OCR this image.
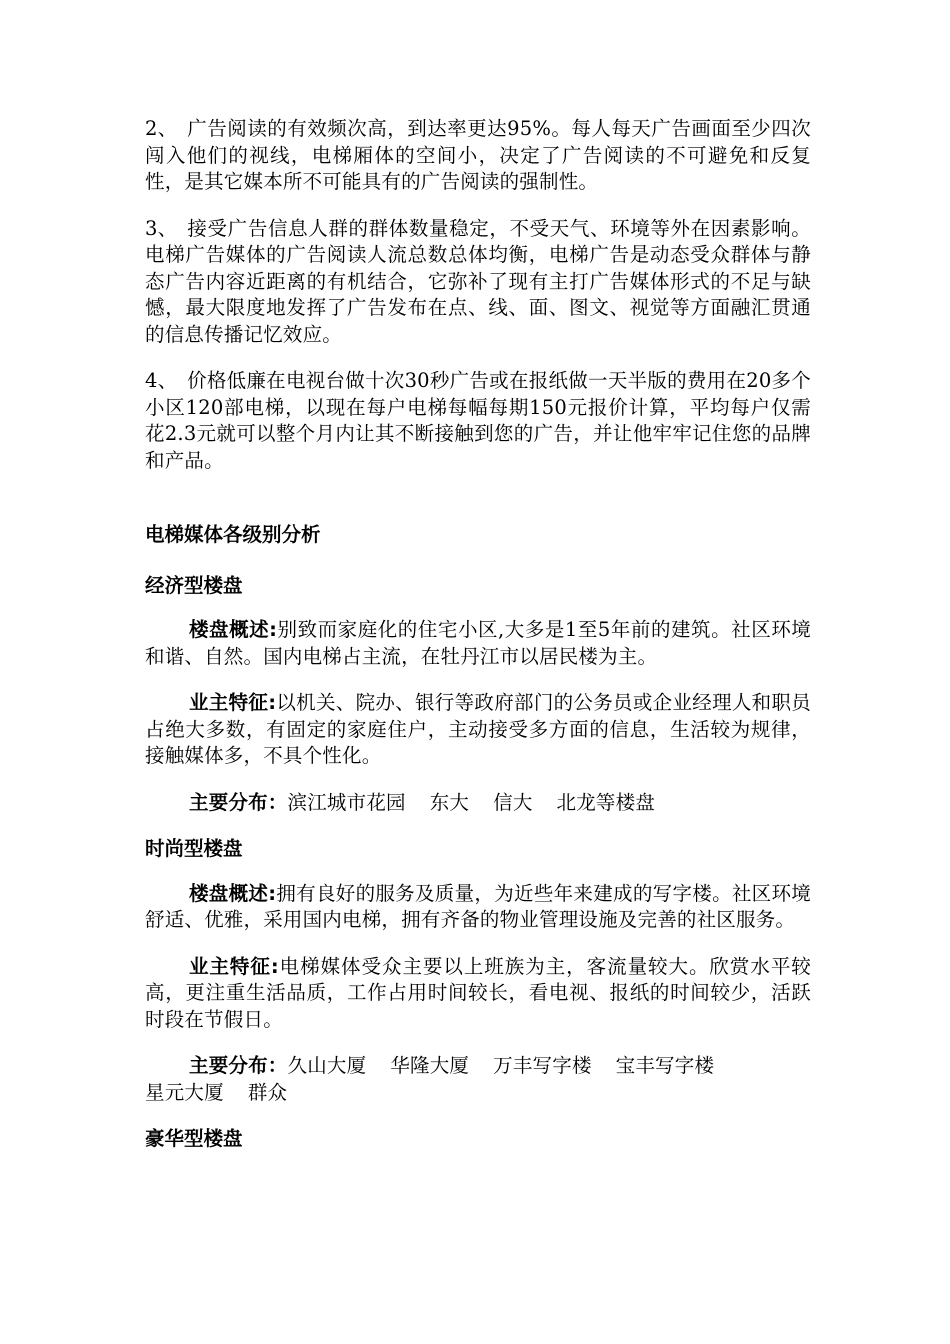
2、 广告阅读的有效频次高，到达率更达95%。每人每天广告画面至少四次闯入他们的视线，电梯厢体的空间小，决定了广告阅读的不可避免和反复性，是其它媒本所不可能具有的广告阅读的强制性。

3、 接受广告信息人群的群体数量稳定，不受天气、环境等外在因素影响。电梯广告媒体的广告阅读人流总数总体均衡，电梯广告是动态受众群体与静态广告内容近距离的有机结合，它弥补了现有主打广告媒体形式的不足与缺憾，最大限度地发挥了广告发布在点、线、面、图文、视觉等方面融汇贯通的信息传播记忆效应。

4、 价格低廉在电视台做十次30秒广告或在报纸做一天半版的费用在20多个小区120部电梯，以现在每户电梯每幅每期150元报价计算，平均每户仅需花2.3元就可以整个月内让其不断接触到您的广告，并让他牢牢记住您的品牌和产品。

电梯媒体各级别分析
经济型楼盘

楼盘概述:别致而家庭化的住宅小区,大多是1至5年前的建筑。社区环境和谐、自然。国内电梯占主流，在牡丹江市以居民楼为主。

业主特征:以机关、院办、银行等政府部门的公务员或企业经理人和职员占绝大多数，有固定的家庭住户，主动接受多方面的信息，生活较为规律，接触媒体多，不具个性化。

主要分布：滨江城市花园 东大 信大 北龙等楼盘

时尚型楼盘

楼盘概述:拥有良好的服务及质量，为近些年来建成的写字楼。社区环境舒适、优雅，采用国内电梯，拥有齐备的物业管理设施及完善的社区服务。

业主特征:电梯媒体受众主要以上班族为主，客流量较大。欣赏水平较高，更注重生活品质，工作占用时间较长，看电视、报纸的时间较少，活跃时段在节假日。

主要分布：久山大厦 华隆大厦 万丰写字楼 宝丰写字楼
星元大厦 群众

豪华型楼盘
